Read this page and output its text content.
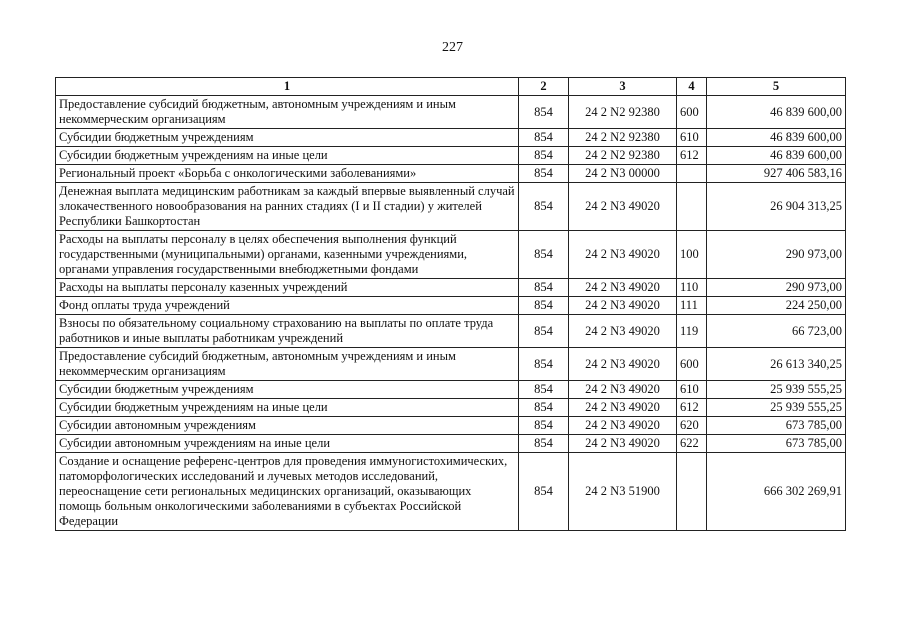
227
1	2	3	4	5
Предоставление субсидий бюджетным, автономным учреждениям и иным некоммерческим организациям	854	24 2 N2 92380	600	46 839 600,00
Субсидии бюджетным учреждениям	854	24 2 N2 92380	610	46 839 600,00
Субсидии бюджетным учреждениям на иные цели	854	24 2 N2 92380	612	46 839 600,00
Региональный проект «Борьба с онкологическими заболеваниями»	854	24 2 N3 00000		927 406 583,16
Денежная выплата медицинским работникам за каждый впервые выявленный случай злокачественного новообразования на ранних стадиях (I и II стадии) у жителей Республики Башкортостан	854	24 2 N3 49020		26 904 313,25
Расходы на выплаты персоналу в целях обеспечения выполнения функций государственными (муниципальными) органами, казенными учреждениями, органами управления государственными внебюджетными фондами	854	24 2 N3 49020	100	290 973,00
Расходы на выплаты персоналу казенных учреждений	854	24 2 N3 49020	110	290 973,00
Фонд оплаты труда учреждений	854	24 2 N3 49020	111	224 250,00
Взносы по обязательному социальному страхованию на выплаты по оплате труда работников и иные выплаты работникам учреждений	854	24 2 N3 49020	119	66 723,00
Предоставление субсидий бюджетным, автономным учреждениям и иным некоммерческим организациям	854	24 2 N3 49020	600	26 613 340,25
Субсидии бюджетным учреждениям	854	24 2 N3 49020	610	25 939 555,25
Субсидии бюджетным учреждениям на иные цели	854	24 2 N3 49020	612	25 939 555,25
Субсидии автономным учреждениям	854	24 2 N3 49020	620	673 785,00
Субсидии автономным учреждениям на иные цели	854	24 2 N3 49020	622	673 785,00
Создание и оснащение референс-центров для проведения иммуногистохимических, патоморфологических исследований и лучевых методов исследований, переоснащение сети региональных медицинских организаций, оказывающих помощь больным онкологическими заболеваниями в субъектах Российской Федерации	854	24 2 N3 51900		666 302 269,91
